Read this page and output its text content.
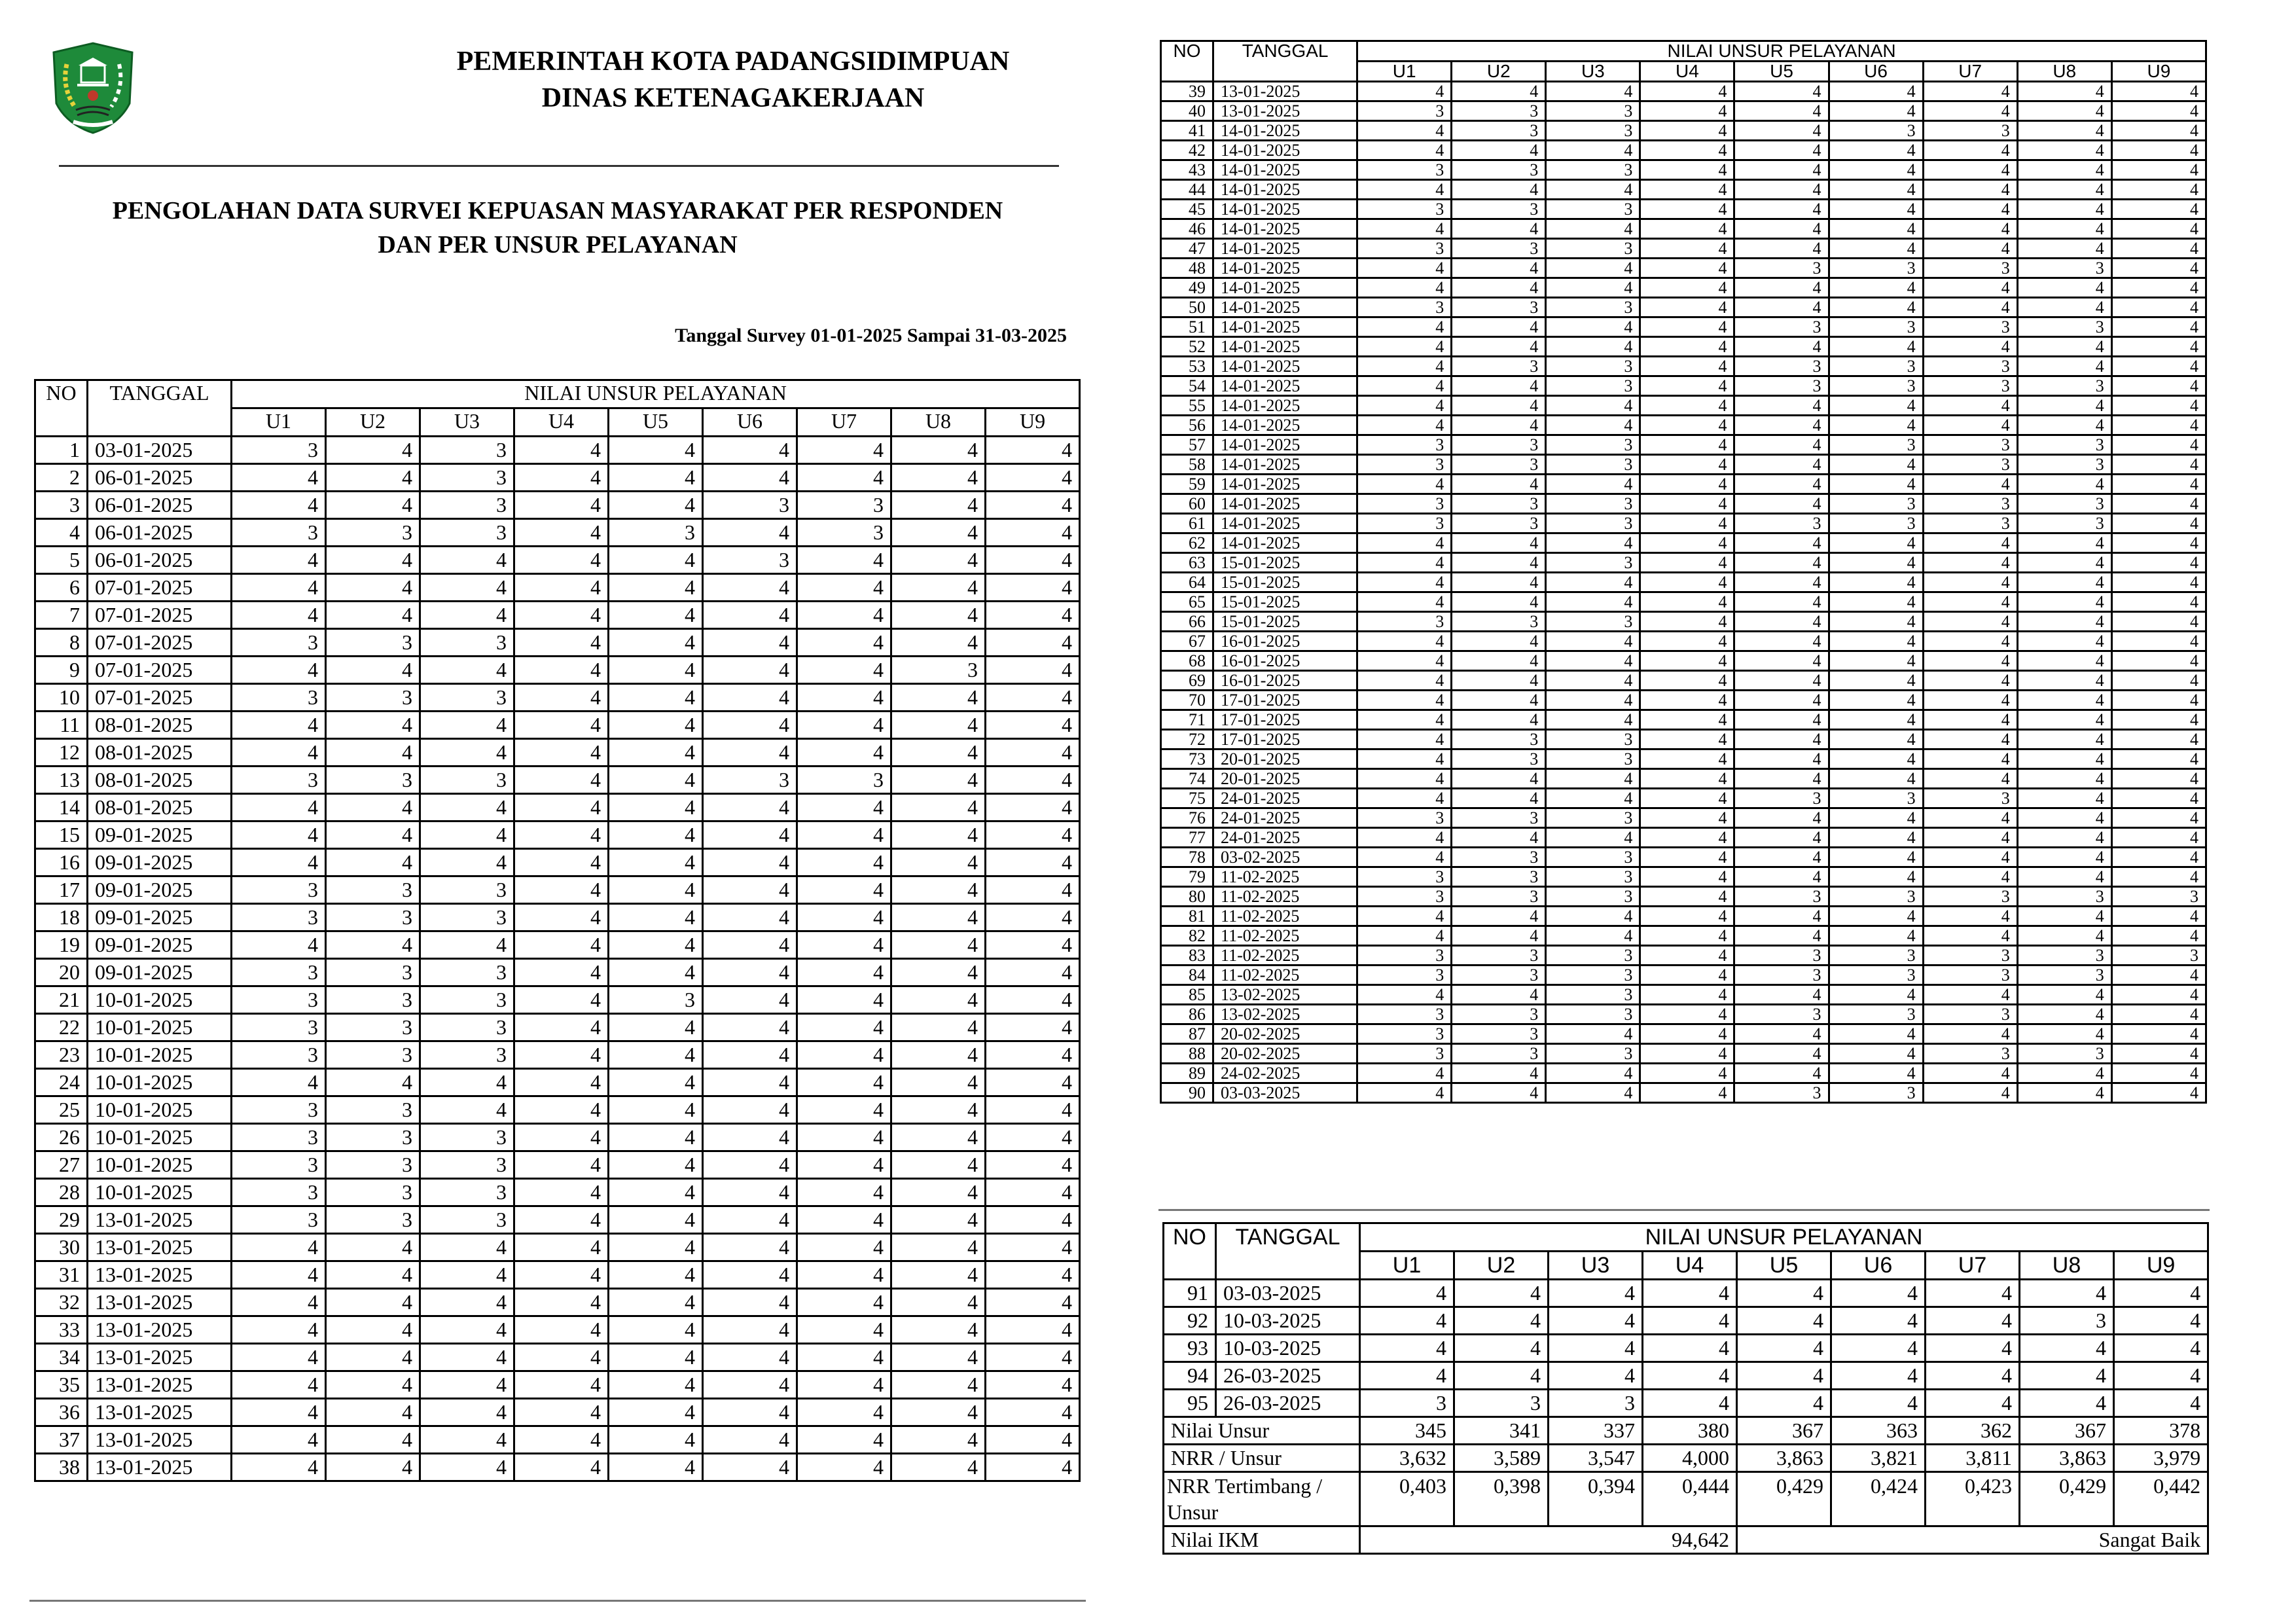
PEMERINTAH KOTA PADANGSIDIMPUAN
DINAS KETENAGAKERJAAN
PENGOLAHAN DATA SURVEI KEPUASAN MASYARAKAT PER RESPONDEN
DAN PER UNSUR PELAYANAN
Tanggal Survey 01-01-2025 Sampai 31-03-2025
NO	TANGGAL	NILAI UNSUR PELAYANAN								
		U1	U2	U3	U4	U5	U6	U7	U8	U9
1	03-01-2025	3	4	3	4	4	4	4	4	4
2	06-01-2025	4	4	3	4	4	4	4	4	4
3	06-01-2025	4	4	3	4	4	3	3	4	4
4	06-01-2025	3	3	3	4	3	4	3	4	4
5	06-01-2025	4	4	4	4	4	3	4	4	4
6	07-01-2025	4	4	4	4	4	4	4	4	4
7	07-01-2025	4	4	4	4	4	4	4	4	4
8	07-01-2025	3	3	3	4	4	4	4	4	4
9	07-01-2025	4	4	4	4	4	4	4	3	4
10	07-01-2025	3	3	3	4	4	4	4	4	4
11	08-01-2025	4	4	4	4	4	4	4	4	4
12	08-01-2025	4	4	4	4	4	4	4	4	4
13	08-01-2025	3	3	3	4	4	3	3	4	4
14	08-01-2025	4	4	4	4	4	4	4	4	4
15	09-01-2025	4	4	4	4	4	4	4	4	4
16	09-01-2025	4	4	4	4	4	4	4	4	4
17	09-01-2025	3	3	3	4	4	4	4	4	4
18	09-01-2025	3	3	3	4	4	4	4	4	4
19	09-01-2025	4	4	4	4	4	4	4	4	4
20	09-01-2025	3	3	3	4	4	4	4	4	4
21	10-01-2025	3	3	3	4	3	4	4	4	4
22	10-01-2025	3	3	3	4	4	4	4	4	4
23	10-01-2025	3	3	3	4	4	4	4	4	4
24	10-01-2025	4	4	4	4	4	4	4	4	4
25	10-01-2025	3	3	4	4	4	4	4	4	4
26	10-01-2025	3	3	3	4	4	4	4	4	4
27	10-01-2025	3	3	3	4	4	4	4	4	4
28	10-01-2025	3	3	3	4	4	4	4	4	4
29	13-01-2025	3	3	3	4	4	4	4	4	4
30	13-01-2025	4	4	4	4	4	4	4	4	4
31	13-01-2025	4	4	4	4	4	4	4	4	4
32	13-01-2025	4	4	4	4	4	4	4	4	4
33	13-01-2025	4	4	4	4	4	4	4	4	4
34	13-01-2025	4	4	4	4	4	4	4	4	4
35	13-01-2025	4	4	4	4	4	4	4	4	4
36	13-01-2025	4	4	4	4	4	4	4	4	4
37	13-01-2025	4	4	4	4	4	4	4	4	4
38	13-01-2025	4	4	4	4	4	4	4	4	4
NO	TANGGAL	NILAI UNSUR PELAYANAN								
		U1	U2	U3	U4	U5	U6	U7	U8	U9
39	13-01-2025	4	4	4	4	4	4	4	4	4
40	13-01-2025	3	3	3	4	4	4	4	4	4
41	14-01-2025	4	3	3	4	4	3	3	4	4
42	14-01-2025	4	4	4	4	4	4	4	4	4
43	14-01-2025	3	3	3	4	4	4	4	4	4
44	14-01-2025	4	4	4	4	4	4	4	4	4
45	14-01-2025	3	3	3	4	4	4	4	4	4
46	14-01-2025	4	4	4	4	4	4	4	4	4
47	14-01-2025	3	3	3	4	4	4	4	4	4
48	14-01-2025	4	4	4	4	3	3	3	3	4
49	14-01-2025	4	4	4	4	4	4	4	4	4
50	14-01-2025	3	3	3	4	4	4	4	4	4
51	14-01-2025	4	4	4	4	3	3	3	3	4
52	14-01-2025	4	4	4	4	4	4	4	4	4
53	14-01-2025	4	3	3	4	3	3	3	4	4
54	14-01-2025	4	4	3	4	3	3	3	3	4
55	14-01-2025	4	4	4	4	4	4	4	4	4
56	14-01-2025	4	4	4	4	4	4	4	4	4
57	14-01-2025	3	3	3	4	4	3	3	3	4
58	14-01-2025	3	3	3	4	4	4	3	3	4
59	14-01-2025	4	4	4	4	4	4	4	4	4
60	14-01-2025	3	3	3	4	4	3	3	3	4
61	14-01-2025	3	3	3	4	3	3	3	3	4
62	14-01-2025	4	4	4	4	4	4	4	4	4
63	15-01-2025	4	4	3	4	4	4	4	4	4
64	15-01-2025	4	4	4	4	4	4	4	4	4
65	15-01-2025	4	4	4	4	4	4	4	4	4
66	15-01-2025	3	3	3	4	4	4	4	4	4
67	16-01-2025	4	4	4	4	4	4	4	4	4
68	16-01-2025	4	4	4	4	4	4	4	4	4
69	16-01-2025	4	4	4	4	4	4	4	4	4
70	17-01-2025	4	4	4	4	4	4	4	4	4
71	17-01-2025	4	4	4	4	4	4	4	4	4
72	17-01-2025	4	3	3	4	4	4	4	4	4
73	20-01-2025	4	3	3	4	4	4	4	4	4
74	20-01-2025	4	4	4	4	4	4	4	4	4
75	24-01-2025	4	4	4	4	3	3	3	4	4
76	24-01-2025	3	3	3	4	4	4	4	4	4
77	24-01-2025	4	4	4	4	4	4	4	4	4
78	03-02-2025	4	3	3	4	4	4	4	4	4
79	11-02-2025	3	3	3	4	4	4	4	4	4
80	11-02-2025	3	3	3	4	3	3	3	3	3
81	11-02-2025	4	4	4	4	4	4	4	4	4
82	11-02-2025	4	4	4	4	4	4	4	4	4
83	11-02-2025	3	3	3	4	3	3	3	3	3
84	11-02-2025	3	3	3	4	3	3	3	3	4
85	13-02-2025	4	4	3	4	4	4	4	4	4
86	13-02-2025	3	3	3	4	3	3	3	4	4
87	20-02-2025	3	3	4	4	4	4	4	4	4
88	20-02-2025	3	3	3	4	4	4	3	3	4
89	24-02-2025	4	4	4	4	4	4	4	4	4
90	03-03-2025	4	4	4	4	3	3	4	4	4
NO	TANGGAL	NILAI UNSUR PELAYANAN								
		U1	U2	U3	U4	U5	U6	U7	U8	U9
91	03-03-2025	4	4	4	4	4	4	4	4	4
92	10-03-2025	4	4	4	4	4	4	4	3	4
93	10-03-2025	4	4	4	4	4	4	4	4	4
94	26-03-2025	4	4	4	4	4	4	4	4	4
95	26-03-2025	3	3	3	4	4	4	4	4	4
Nilai Unsur		345	341	337	380	367	363	362	367	378
NRR / Unsur		3,632	3,589	3,547	4,000	3,863	3,821	3,811	3,863	3,979
NRR Tertimbang / Unsur		0,403	0,398	0,394	0,444	0,429	0,424	0,423	0,429	0,442
Nilai IKM		94,642				Sangat Baik				
